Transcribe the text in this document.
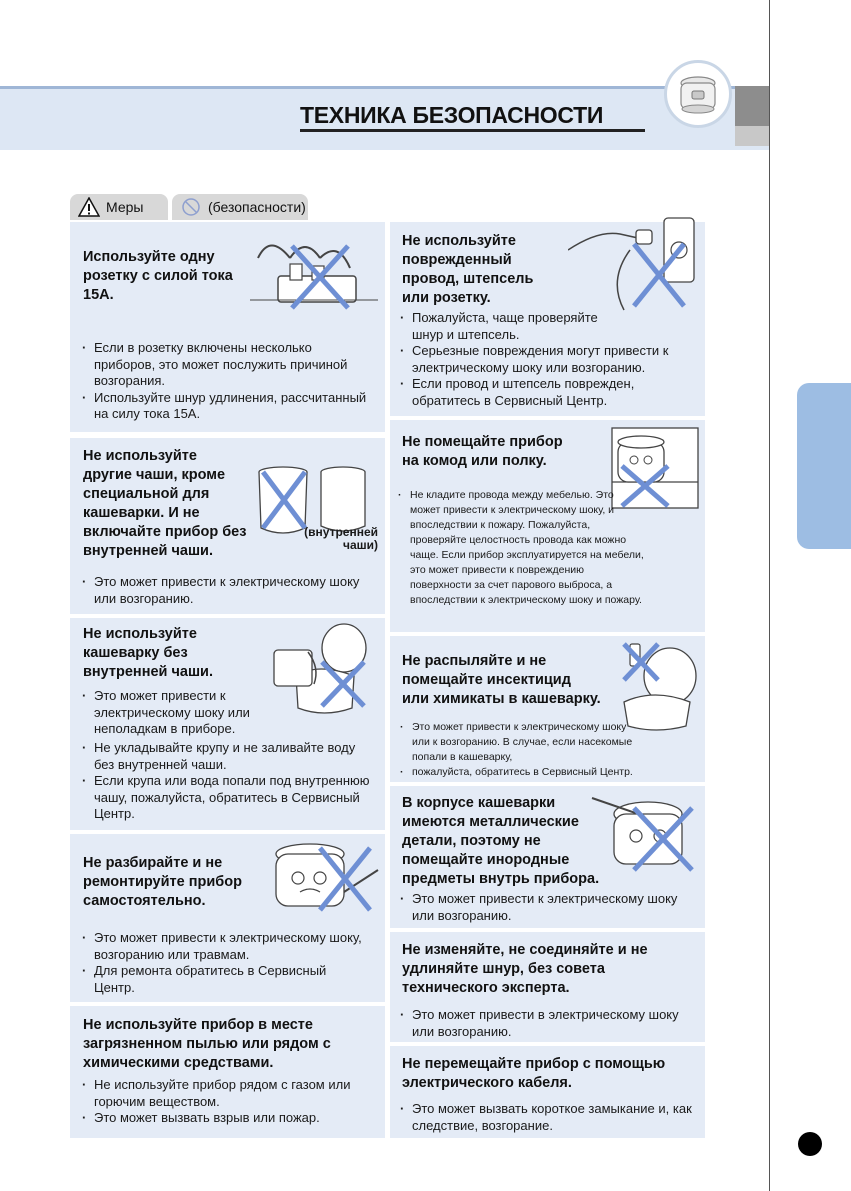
ТЕХНИКА БЕЗОПАСНОСТИ
Меры	(безопасности)
Используйте одну
розетку с силой тока
15А.
· Если в розетку включены несколько приборов, это может послужить причиной возгорания.
· Используйте шнур удлинения, рассчитанный на силу тока 15А.
Не используйте
другие чаши, кроме
специальной для
кашеварки. И не
включайте прибор без
внутренней чаши.
(внутренней
чаши)
· Это может привести к электрическому шоку или возгоранию.
Не используйте
кашеварку без
внутренней чаши.
· Это может привести к электрическому шоку или неполадкам в приборе.
· Не укладывайте крупу и не заливайте воду без внутренней чаши.
· Если крупа или вода попали под внутреннюю чашу, пожалуйста, обратитесь в Сервисный Центр.
Не разбирайте и не
ремонтируйте прибор
самостоятельно.
· Это может привести к электрическому шоку, возгоранию или травмам.
· Для ремонта обратитесь в Сервисный Центр.
Не используйте прибор в месте
загрязненном пылью или рядом с
химическими средствами.
· Не используйте прибор рядом с газом или горючим веществом.
· Это может вызвать взрыв или пожар.
Не используйте
поврежденный
провод, штепсель
или розетку.
· Пожалуйста, чаще проверяйте шнур и штепсель.
· Серьезные повреждения могут привести к электрическому шоку или возгоранию.
· Если провод и штепсель поврежден, обратитесь в Сервисный Центр.
Не помещайте прибор
на комод или полку.
· Не кладите провода между мебелью. Это может привести к электрическому шоку, и впоследствии к пожару. Пожалуйста, проверяйте целостность провода как можно чаще. Если прибор эксплуатируется на мебели, это может привести к повреждению поверхности за счет парового выброса, а впоследствии к электрическому шоку и пожару.
Не распыляйте и не
помещайте инсектицид
или химикаты в кашеварку.
· Это может привести к электрическому шоку или к возгоранию. В случае, если насекомые попали в кашеварку,
· пожалуйста, обратитесь в Сервисный Центр.
В корпусе кашеварки
имеются металлические
детали, поэтому не
помещайте инородные
предметы внутрь прибора.
· Это может привести к электрическому шоку или возгоранию.
Не изменяйте, не соединяйте и не
удлиняйте шнур, без совета
технического эксперта.
· Это может привести в электрическому шоку или возгоранию.
Не перемещайте прибор с помощью
электрического кабеля.
· Это может вызвать короткое замыкание и, как следствие, возгорание.
